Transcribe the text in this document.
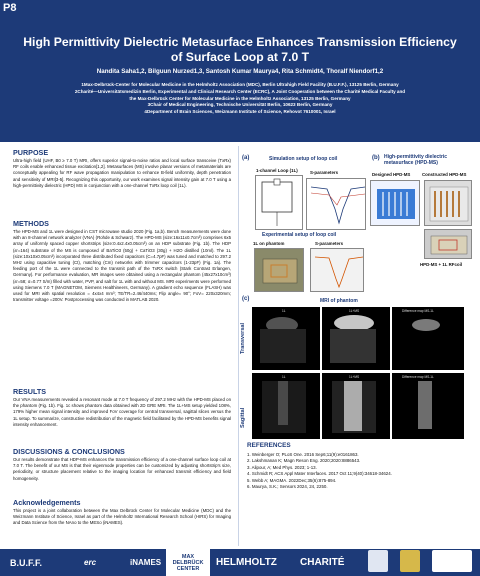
P8
High Permittivity Dielectric Metasurface Enhances Transmission Efficiency of Surface Loop at 7.0 T
Nandita Saha1,2, Bilguun Nurzed1,3, Santosh Kumar Maurya4, Rita Schmidt4, Thoralf Niendorf1,2
1Max-Delbrück-Center for Molecular Medicine in the Helmholtz Association (MDC), Berlin Ultrahigh Field Facility (B.U.F.F.), 13125 Berlin, Germany
2Charité—Universitätsmedizin Berlin, Experimental and Clinical Research Center (ECRC), A Joint Cooperation between the Charité Medical Faculty and
the Max-Delbrück Center for Molecular Medicine in the Helmholtz Association, 13125 Berlin, Germany
3Chair of Medical Engineering, Technische Universität Berlin, 10623 Berlin, Germany
4Department of Brain Sciences, Weizmann Institute of Science, Rehovot 7610001, Israel
PURPOSE
Ultra-high field (UHF, B0 ≥ 7.0 T) MRI, offers superior signal-to-noise ratios and local surface transceive (TxRx) RF coils enable enhanced tissue excitation[1,2]. Metasurfaces (MS) involve planar versions of metamaterials are conceptually appealing for RF wave propagation manipulation to enhance B-field uniformity, depth penetration and sensitivity of MRI[3-5]. Recognizing this opportunity, our work examines signal intensity gain at 7.0 T using a high-permittivity dielectric (HPD) MS in conjunction with a one-channel TxRx loop coil (1L).
METHODS
The HPD-MS and 1L were designed in CST microwave studio 2020 (Fig. 1a,b). Bench measurements were done with an 8-channel network analyzer (VNA) (Rohde & Schwarz). The HPD-MS (size:16x11x0.7cm³) comprises 6x5 array of uniformly spaced copper shortstrips (size:0.4x2.4x0.05cm³) on an HDP substrate (Fig. 1b). The HDP (εr=164) substrate of the MS is composed of BaTiO3 (50g) + CaTiO3 (30g) + H2O distilled (10ml). The 1L (size:10x10x0.05cm³) incorporated three distributed fixed capacitors (C=4.7pF) was tuned and matched to 297.2 MHz using capacitive tuning (Ct), matching (Cm) networks with trimmer capacitors (1-23pF) (Fig. 1a). The feeding port of the 1L were connected to the transmit path of the TxRX switch (Stark Contrast Erlangen, Germany). For performance evaluation, MR images were obtained using a rectangular phantom (45x27x10cm³) (εr=58; σ=0.77 S/m) filled with water, PVP, and salt for 1L with and without MS. MRI experiments were performed using Siemens 7.0 T (MAGNETOM, Siemens Healthineers, Germany). A gradient echo sequence (FLASH) was used for MRI with spatial resolution = 4x4x4 mm³; TE/TR=2.46/440ms; Flip angle= 90°; FoV= 220x320mm; transmitter voltage =200V. Postprocessing was conducted in MATLAB 2020.
RESULTS
Our VNA measurements revealed a resonant mode at 7.0 T frequency of 297.2 MHz with the HPD-MS placed on the phantom (Fig. 1b). Fig. 1c shows phantom data obtained with 2D GRE MRI. The 1L+MS setup yielded 108%, 179% higher mean signal intensity and improved FoV coverage for central transversal, sagittal slices versus the 1L setup. To summarize, constructive redistribution of the magnetic field facilitated by the HPD-MS benefits signal intensity enhancement.
DISCUSSIONS & CONCLUSIONS
Our results demonstrate that HDP-MS enhances the transmission efficiency of a one-channel surface loop coil at 7.0 T. The benefit of our MS is that their eigenmode properties can be customized by adjusting shortstrip's size, periodicity, or structure placement relative to the imaging location for enhanced transmit efficiency and field homogeneity.
Acknowledgements
This project is a joint collaboration between the Max Delbrück Center for Molecular Medicine (MDC) and the Weizmann Institute of Science, Israel as part of the Helmholtz International Research School (HIRS) for Imaging and Data Science from the NAno to the MESo (iNAMES).
(a)	Simulation setup of loop coil
1-channel Loop (1L)	S-parameters
Experimental setup of loop coil
1L on phantom	S-parameters
(b) High-permittivity dielectric metasurface (HPD-MS)
Designed HPD-MS	Constructed HPD-MS
HPD-MS + 1L RFcoil
(c)	MRI of phantom
Transversal
Sagittal
1L	1L+MS	Difference map MS-1L
1L	1L+MS	Difference map MS-1L
REFERENCES
1. Weinberger O; PLoS One. 2016 Sep6;11(9):e0161863.
2. Lakshmanan K; Magn Reson Eng. 2020;2020:8886543.
3. Alipour, A; Med Phys. 2023; 1-13.
4. Schmidt R; ACS Appl Mater Interfaces. 2017 Oct 11;9(40):34618-34624.
5. Webb A; MAGMA. 2022Dec;35(6):875-894.
6. Maurya, S.K.; Sensors 2024, 24, 2250.
B.U.F.F.	erc	iNAMES
MAX DELBRÜCK CENTER
HELMHOLTZ CHARITÉ
